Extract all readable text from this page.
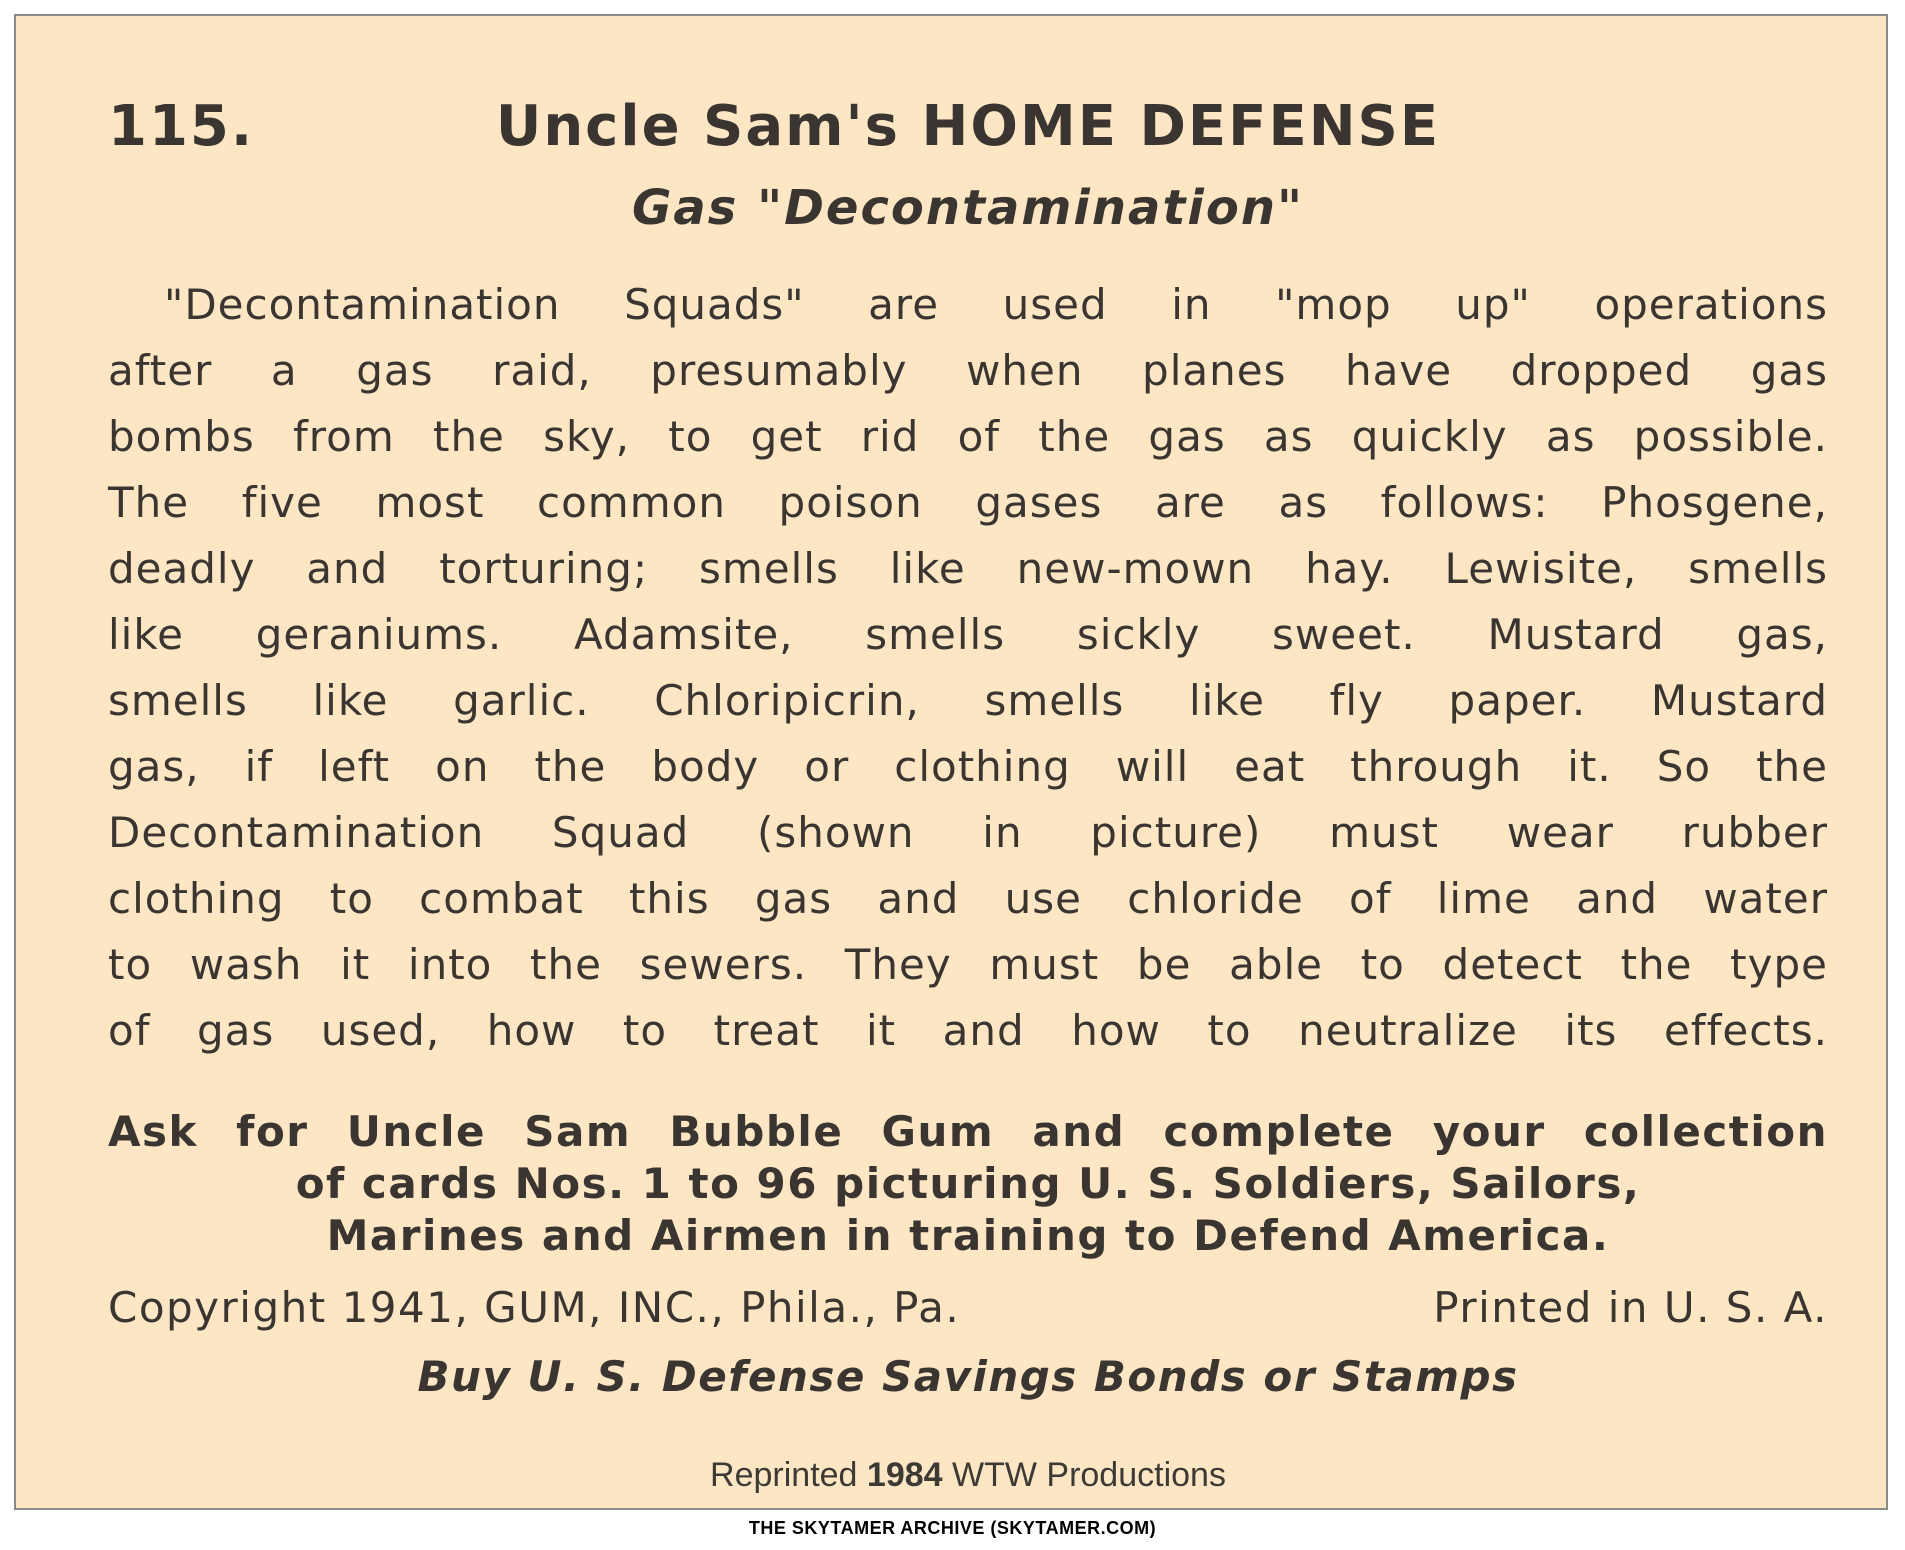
115.	Uncle Sam's HOME DEFENSE
Gas "Decontamination"
"Decontamination Squads" are used in "mop up" operations
after a gas raid, presumably when planes have dropped gas
bombs from the sky, to get rid of the gas as quickly as possible.
The five most common poison gases are as follows: Phosgene,
deadly and torturing; smells like new-mown hay. Lewisite, smells
like geraniums. Adamsite, smells sickly sweet. Mustard gas,
smells like garlic. Chloripicrin, smells like fly paper. Mustard
gas, if left on the body or clothing will eat through it. So the
Decontamination Squad (shown in picture) must wear rubber
clothing to combat this gas and use chloride of lime and water
to wash it into the sewers. They must be able to detect the type
of gas used, how to treat it and how to neutralize its effects.
Ask for Uncle Sam Bubble Gum and complete your collection
of cards Nos. 1 to 96 picturing U. S. Soldiers, Sailors,
Marines and Airmen in training to Defend America.
Copyright 1941, GUM, INC., Phila., Pa.	Printed in U. S. A.
Buy U. S. Defense Savings Bonds or Stamps
Reprinted 1984 WTW Productions
THE SKYTAMER ARCHIVE (SKYTAMER.COM)
